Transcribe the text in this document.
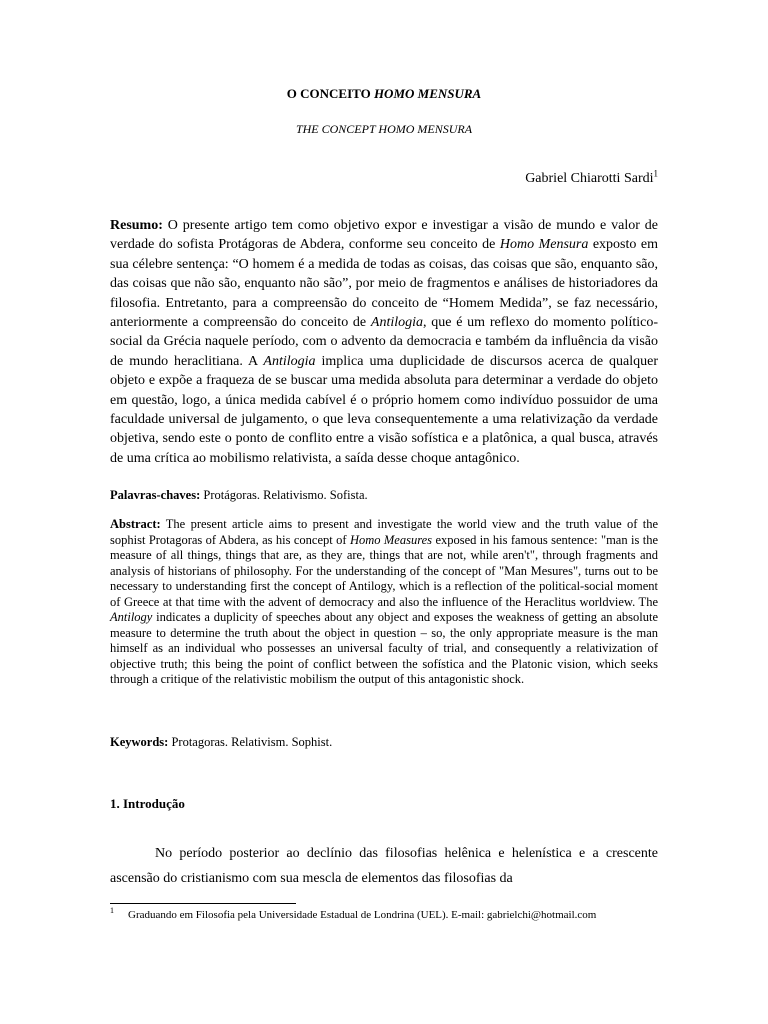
O CONCEITO HOMO MENSURA
THE CONCEPT HOMO MENSURA
Gabriel Chiarotti Sardi$^1$
Resumo: O presente artigo tem como objetivo expor e investigar a visão de mundo e valor de verdade do sofista Protágoras de Abdera, conforme seu conceito de Homo Mensura exposto em sua célebre sentença: “O homem é a medida de todas as coisas, das coisas que são, enquanto são, das coisas que não são, enquanto não são”, por meio de fragmentos e análises de historiadores da filosofia. Entretanto, para a compreensão do conceito de “Homem Medida”, se faz necessário, anteriormente a compreensão do conceito de Antilogia, que é um reflexo do momento político-social da Grécia naquele período, com o advento da democracia e também da influência da visão de mundo heraclitiana. A Antilogia implica uma duplicidade de discursos acerca de qualquer objeto e expõe a fraqueza de se buscar uma medida absoluta para determinar a verdade do objeto em questão, logo, a única medida cabível é o próprio homem como indivíduo possuidor de uma faculdade universal de julgamento, o que leva consequentemente a uma relativização da verdade objetiva, sendo este o ponto de conflito entre a visão sofística e a platônica, a qual busca, através de uma crítica ao mobilismo relativista, a saída desse choque antagônico.
Palavras-chaves: Protágoras. Relativismo. Sofista.
Abstract: The present article aims to present and investigate the world view and the truth value of the sophist Protagoras of Abdera, as his concept of Homo Measures exposed in his famous sentence: "man is the measure of all things, things that are, as they are, things that are not, while aren't", through fragments and analysis of historians of philosophy. For the understanding of the concept of "Man Mesures", turns out to be necessary to understanding first the concept of Antilogy, which is a reflection of the political-social moment of Greece at that time with the advent of democracy and also the influence of the Heraclitus worldview. The Antilogy indicates a duplicity of speeches about any object and exposes the weakness of getting an absolute measure to determine the truth about the object in question – so, the only appropriate measure is the man himself as an individual who possesses an universal faculty of trial, and consequently a relativization of objective truth; this being the point of conflict between the sofística and the Platonic vision, which seeks through a critique of the relativistic mobilism the output of this antagonistic shock.
Keywords: Protagoras. Relativism. Sophist.
1. Introdução
No período posterior ao declínio das filosofias helênica e helenística e a crescente ascensão do cristianismo com sua mescla de elementos das filosofias da
$^1$ Graduando em Filosofia pela Universidade Estadual de Londrina (UEL). E-mail: gabrielchi@hotmail.com
